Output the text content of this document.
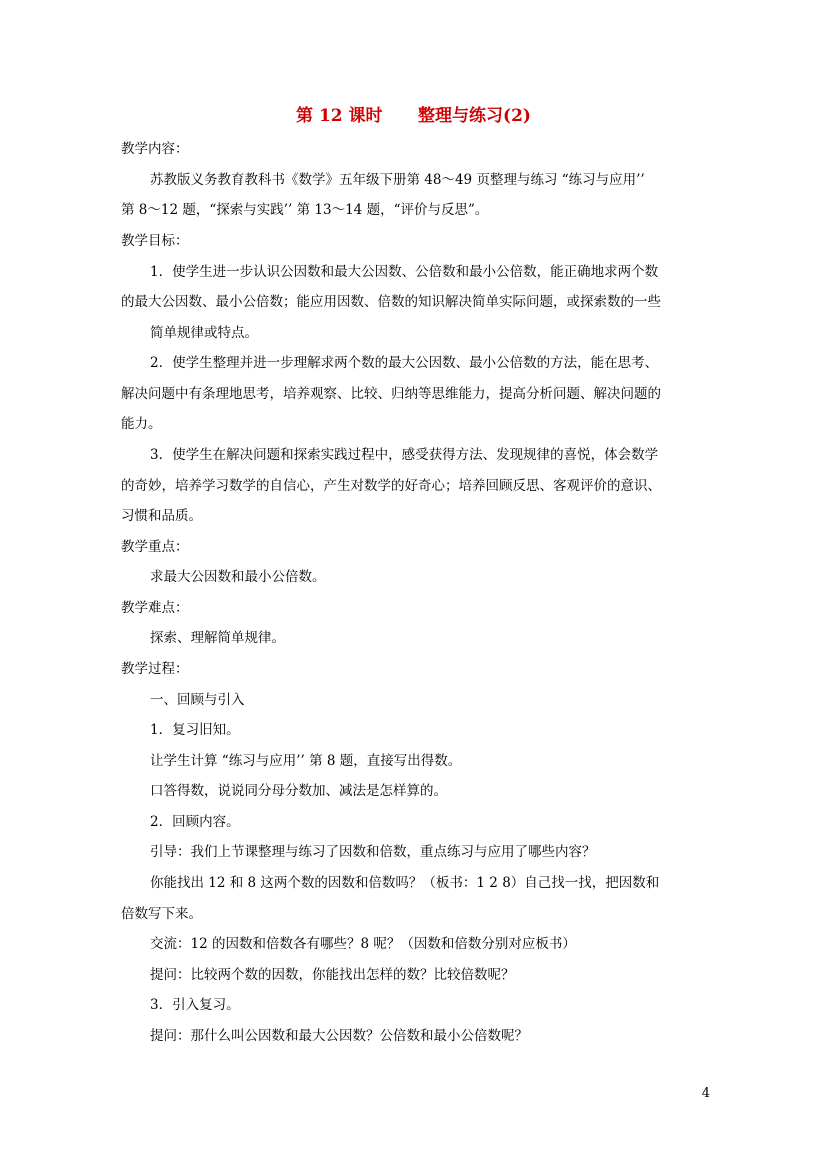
第 12 课时      整理与练习(2)
教学内容：
苏教版义务教育教科书《数学》五年级下册第 48～49 页整理与练习 “练习与应用’’
第 8～12 题，“探索与实践’’ 第 13～14 题，“评价与反思”。
教学目标：
1．使学生进一步认识公因数和最大公因数、公倍数和最小公倍数，能正确地求两个数
的最大公因数、最小公倍数；能应用因数、倍数的知识解决简单实际问题，或探索数的一些
简单规律或特点。
2．使学生整理并进一步理解求两个数的最大公因数、最小公倍数的方法，能在思考、
解决问题中有条理地思考，培养观察、比较、归纳等思维能力，提高分析问题、解决问题的
能力。
3．使学生在解决问题和探索实践过程中，感受获得方法、发现规律的喜悦，体会数学
的奇妙，培养学习数学的自信心，产生对数学的好奇心；培养回顾反思、客观评价的意识、
习惯和品质。
教学重点：
求最大公因数和最小公倍数。
教学难点：
探索、理解简单规律。
教学过程：
一、回顾与引入
1．复习旧知。
让学生计算 “练习与应用’’ 第 8 题，直接写出得数。
口答得数，说说同分母分数加、减法是怎样算的。
2．回顾内容。
引导：我们上节课整理与练习了因数和倍数，重点练习与应用了哪些内容？
你能找出 12 和 8 这两个数的因数和倍数吗？（板书：1 2 8）自己找一找，把因数和
倍数写下来。
交流：12 的因数和倍数各有哪些？8 呢？（因数和倍数分别对应板书）
提问：比较两个数的因数，你能找出怎样的数？比较倍数呢？
3．引入复习。
提问：那什么叫公因数和最大公因数？公倍数和最小公倍数呢？
4
